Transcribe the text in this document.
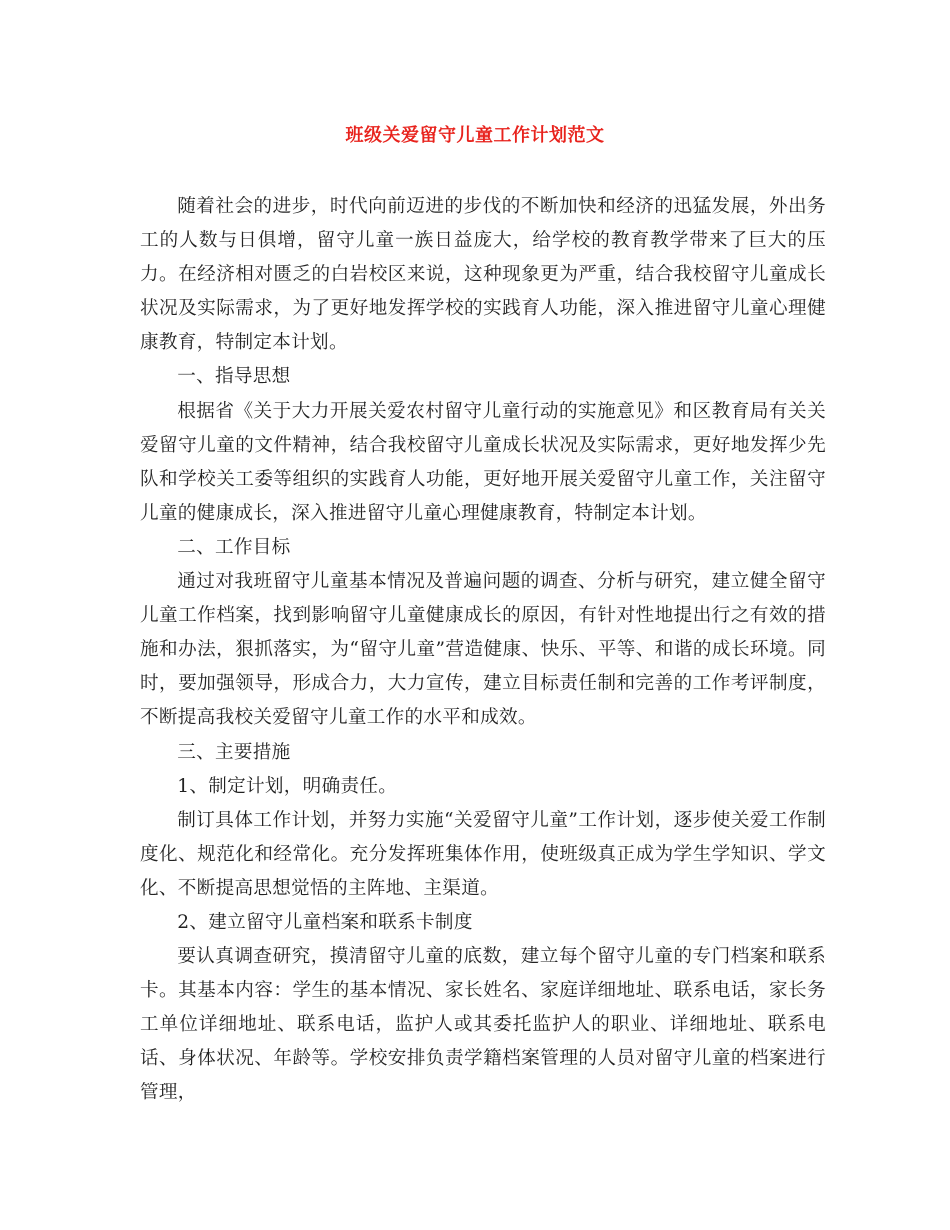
班级关爱留守儿童工作计划范文

随着社会的进步，时代向前迈进的步伐的不断加快和经济的迅猛发展，外出务工的人数与日俱增，留守儿童一族日益庞大，给学校的教育教学带来了巨大的压力。在经济相对匮乏的白岩校区来说，这种现象更为严重，结合我校留守儿童成长状况及实际需求，为了更好地发挥学校的实践育人功能，深入推进留守儿童心理健康教育，特制定本计划。

一、指导思想

根据省《关于大力开展关爱农村留守儿童行动的实施意见》和区教育局有关关爱留守儿童的文件精神，结合我校留守儿童成长状况及实际需求，更好地发挥少先队和学校关工委等组织的实践育人功能，更好地开展关爱留守儿童工作，关注留守儿童的健康成长，深入推进留守儿童心理健康教育，特制定本计划。

二、工作目标

通过对我班留守儿童基本情况及普遍问题的调查、分析与研究，建立健全留守儿童工作档案，找到影响留守儿童健康成长的原因，有针对性地提出行之有效的措施和办法，狠抓落实，为“留守儿童”营造健康、快乐、平等、和谐的成长环境。同时，要加强领导，形成合力，大力宣传，建立目标责任制和完善的工作考评制度，不断提高我校关爱留守儿童工作的水平和成效。

三、主要措施

1、制定计划，明确责任。

制订具体工作计划，并努力实施“关爱留守儿童”工作计划，逐步使关爱工作制度化、规范化和经常化。充分发挥班集体作用，使班级真正成为学生学知识、学文化、不断提高思想觉悟的主阵地、主渠道。

2、建立留守儿童档案和联系卡制度

要认真调查研究，摸清留守儿童的底数，建立每个留守儿童的专门档案和联系卡。其基本内容：学生的基本情况、家长姓名、家庭详细地址、联系电话，家长务工单位详细地址、联系电话，监护人或其委托监护人的职业、详细地址、联系电话、身体状况、年龄等。学校安排负责学籍档案管理的人员对留守儿童的档案进行管理，
